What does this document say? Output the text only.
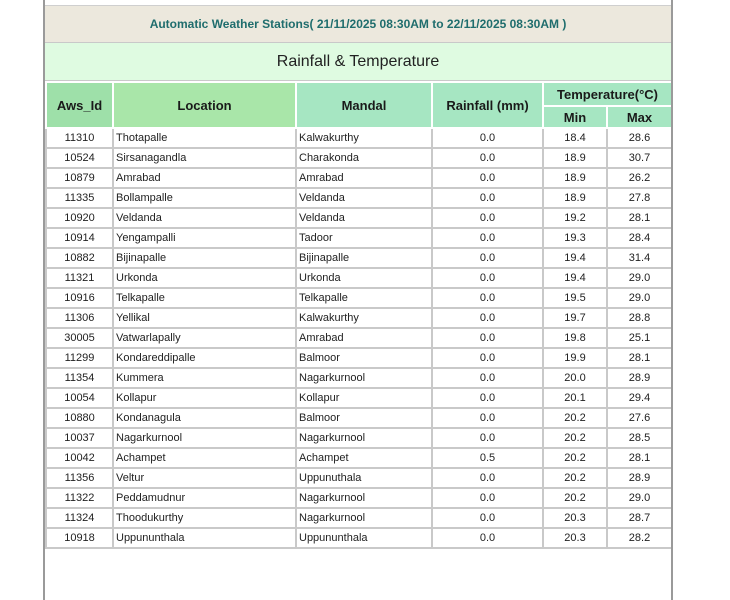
Automatic Weather Stations( 21/11/2025 08:30AM to 22/11/2025 08:30AM )
Rainfall & Temperature
Aws_Id	Location	Mandal	Rainfall (mm)	Temperature(°C)	
				Min	Max
11310	Thotapalle	Kalwakurthy	0.0	18.4	28.6
10524	Sirsanagandla	Charakonda	0.0	18.9	30.7
10879	Amrabad	Amrabad	0.0	18.9	26.2
11335	Bollampalle	Veldanda	0.0	18.9	27.8
10920	Veldanda	Veldanda	0.0	19.2	28.1
10914	Yengampalli	Tadoor	0.0	19.3	28.4
10882	Bijinapalle	Bijinapalle	0.0	19.4	31.4
11321	Urkonda	Urkonda	0.0	19.4	29.0
10916	Telkapalle	Telkapalle	0.0	19.5	29.0
11306	Yellikal	Kalwakurthy	0.0	19.7	28.8
30005	Vatwarlapally	Amrabad	0.0	19.8	25.1
11299	Kondareddipalle	Balmoor	0.0	19.9	28.1
11354	Kummera	Nagarkurnool	0.0	20.0	28.9
10054	Kollapur	Kollapur	0.0	20.1	29.4
10880	Kondanagula	Balmoor	0.0	20.2	27.6
10037	Nagarkurnool	Nagarkurnool	0.0	20.2	28.5
10042	Achampet	Achampet	0.5	20.2	28.1
11356	Veltur	Uppunuthala	0.0	20.2	28.9
11322	Peddamudnur	Nagarkurnool	0.0	20.2	29.0
11324	Thoodukurthy	Nagarkurnool	0.0	20.3	28.7
10918	Uppununthala	Uppununthala	0.0	20.3	28.2
